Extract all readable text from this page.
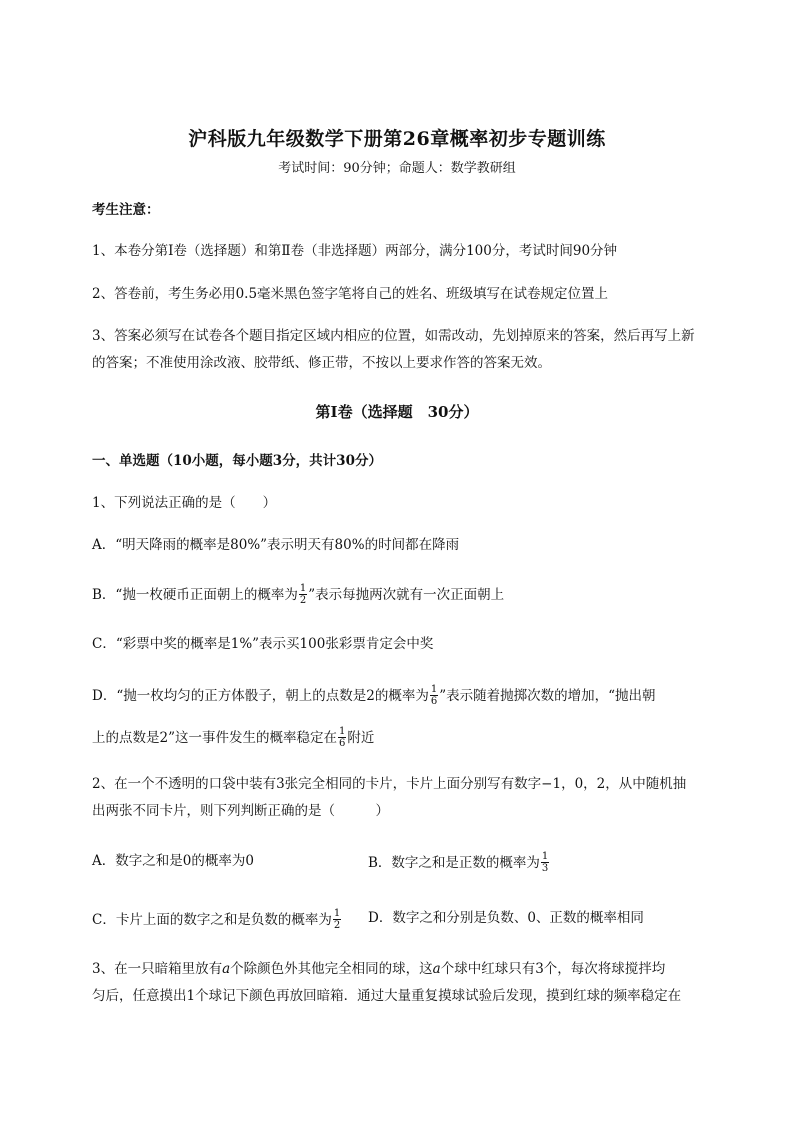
沪科版九年级数学下册第26章概率初步专题训练
考试时间：90分钟；命题人：数学教研组
考生注意：
1、本卷分第I卷（选择题）和第Ⅱ卷（非选择题）两部分，满分100分，考试时间90分钟
2、答卷前，考生务必用0.5毫米黑色签字笔将自己的姓名、班级填写在试卷规定位置上
3、答案必须写在试卷各个题目指定区域内相应的位置，如需改动，先划掉原来的答案，然后再写上新
的答案；不准使用涂改液、胶带纸、修正带，不按以上要求作答的答案无效。
第I卷（选择题　30分）
一、单选题（10小题，每小题3分，共计30分）
1、下列说法正确的是（　　）
A．“明天降雨的概率是80%”表示明天有80%的时间都在降雨
B．“抛一枚硬币正面朝上的概率为 $\frac{1}{2}$ ”表示每抛两次就有一次正面朝上
C．“彩票中奖的概率是1%”表示买100张彩票肯定会中奖
D．“抛一枚均匀的正方体骰子，朝上的点数是2的概率为 $\frac{1}{6}$ ”表示随着抛掷次数的增加，“抛出朝
上的点数是2”这一事件发生的概率稳定在 $\frac{1}{6}$ 附近
2、在一个不透明的口袋中装有3张完全相同的卡片，卡片上面分别写有数字−1，0，2，从中随机抽
出两张不同卡片，则下列判断正确的是（　　　）
A．数字之和是0的概率为0	B．数字之和是正数的概率为 $\frac{1}{3}$
C．卡片上面的数字之和是负数的概率为 $\frac{1}{2}$ D．数字之和分别是负数、0、正数的概率相同
3、在一只暗箱里放有a个除颜色外其他完全相同的球，这a个球中红球只有3个，每次将球搅拌均
匀后，任意摸出1个球记下颜色再放回暗箱．通过大量重复摸球试验后发现，摸到红球的频率稳定在
